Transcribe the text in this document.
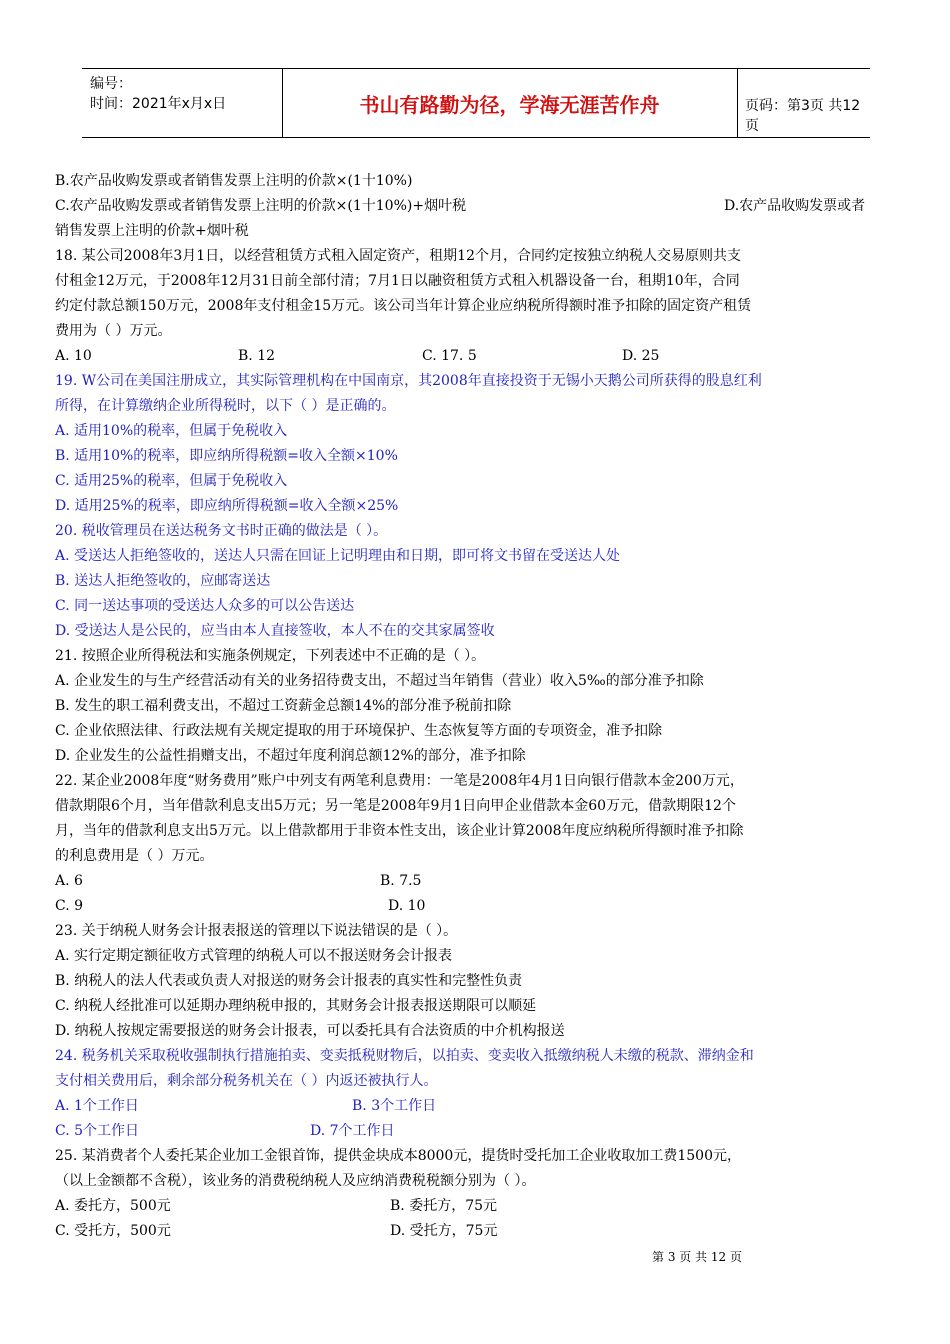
编号：
时间：2021年x月x日	书山有路勤为径，学海无涯苦作舟	页码：第3页 共12页
B.农产品收购发票或者销售发票上注明的价款×(1十10%)
C.农产品收购发票或者销售发票上注明的价款×(1十10%)+烟叶税	D.农产品收购发票或者
销售发票上注明的价款+烟叶税
18. 某公司2008年3月1日，以经营租赁方式租入固定资产，租期12个月，合同约定按独立纳税人交易原则共支
付租金12万元，于2008年12月31日前全部付清；7月1日以融资租赁方式租入机器设备一台，租期10年，合同
约定付款总额150万元，2008年支付租金15万元。该公司当年计算企业应纳税所得额时准予扣除的固定资产租赁
费用为（ ）万元。
A. 10	B. 12	C. 17. 5	D. 25
19. W公司在美国注册成立，其实际管理机构在中国南京，其2008年直接投资于无锡小天鹅公司所获得的股息红利
所得，在计算缴纳企业所得税时，以下（ ）是正确的。
A. 适用10%的税率，但属于免税收入
B. 适用10%的税率，即应纳所得税额=收入全额×10%
C. 适用25%的税率，但属于免税收入
D. 适用25%的税率，即应纳所得税额=收入全额×25%
20. 税收管理员在送达税务文书时正确的做法是（ ）。
A. 受送达人拒绝签收的，送达人只需在回证上记明理由和日期，即可将文书留在受送达人处
B. 送达人拒绝签收的，应邮寄送达
C. 同一送达事项的受送达人众多的可以公告送达
D. 受送达人是公民的，应当由本人直接签收，本人不在的交其家属签收
21. 按照企业所得税法和实施条例规定，下列表述中不正确的是（ ）。
A. 企业发生的与生产经营活动有关的业务招待费支出，不超过当年销售（营业）收入5‰的部分准予扣除
B. 发生的职工福利费支出，不超过工资薪金总额14%的部分准予税前扣除
C. 企业依照法律、行政法规有关规定提取的用于环境保护、生态恢复等方面的专项资金，准予扣除
D. 企业发生的公益性捐赠支出，不超过年度利润总额12%的部分，准予扣除
22. 某企业2008年度“财务费用”账户中列支有两笔利息费用：一笔是2008年4月1日向银行借款本金200万元，
借款期限6个月，当年借款利息支出5万元；另一笔是2008年9月1日向甲企业借款本金60万元，借款期限12个
月，当年的借款利息支出5万元。以上借款都用于非资本性支出，该企业计算2008年度应纳税所得额时准予扣除
的利息费用是（ ）万元。
A. 6	B. 7.5
C. 9	D. 10
23. 关于纳税人财务会计报表报送的管理以下说法错误的是（ ）。
A. 实行定期定额征收方式管理的纳税人可以不报送财务会计报表
B. 纳税人的法人代表或负责人对报送的财务会计报表的真实性和完整性负责
C. 纳税人经批准可以延期办理纳税申报的，其财务会计报表报送期限可以顺延
D. 纳税人按规定需要报送的财务会计报表，可以委托具有合法资质的中介机构报送
24. 税务机关采取税收强制执行措施拍卖、变卖抵税财物后，以拍卖、变卖收入抵缴纳税人未缴的税款、滞纳金和
支付相关费用后，剩余部分税务机关在（ ）内返还被执行人。
A. 1个工作日	B. 3个工作日
C. 5个工作日	D. 7个工作日
25. 某消费者个人委托某企业加工金银首饰，提供金块成本8000元，提货时受托加工企业收取加工费1500元，
（以上金额都不含税），该业务的消费税纳税人及应纳消费税税额分别为（ ）。
A. 委托方，500元	B. 委托方，75元
C. 受托方，500元	D. 受托方，75元
第 3 页 共 12 页
